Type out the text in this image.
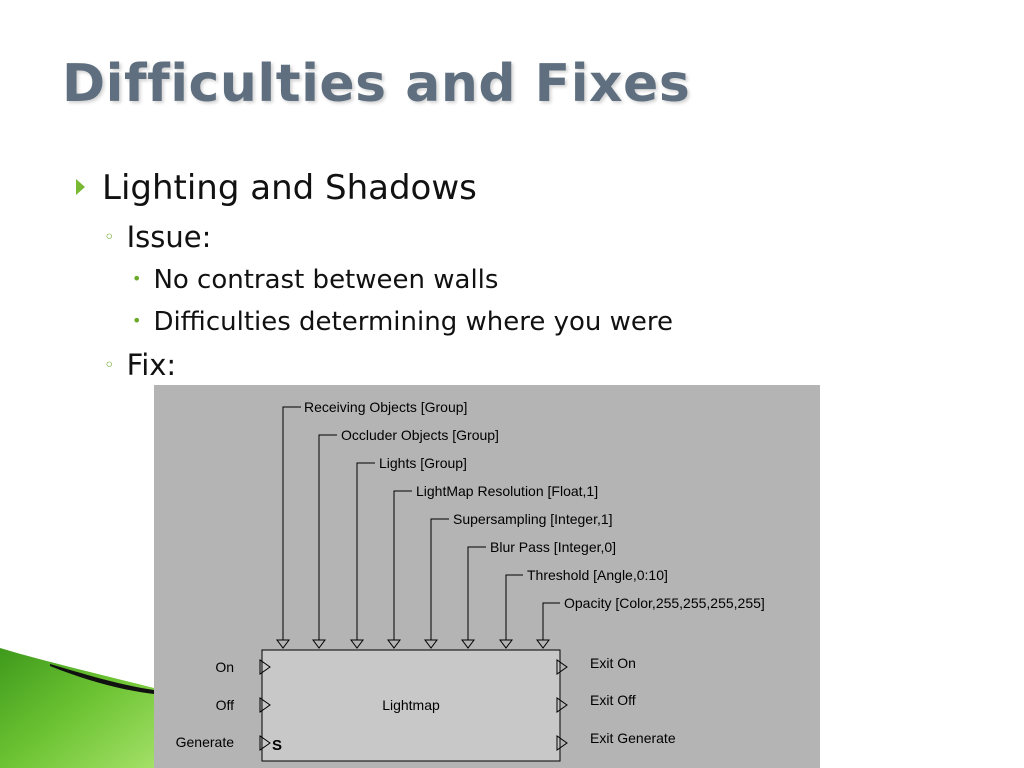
Difficulties and Fixes
Lighting and Shadows
◦ Issue:
• No contrast between walls
• Difficulties determining where you were
◦ Fix:
Receiving Objects [Group]
Occluder Objects [Group]
Lights [Group]
LightMap Resolution [Float,1]
Supersampling [Integer,1]
Blur Pass [Integer,0]
Threshold [Angle,0:10]
Opacity [Color,255,255,255,255]
Lightmap
On
Off
Generate	S
Exit On
Exit Off
Exit Generate
